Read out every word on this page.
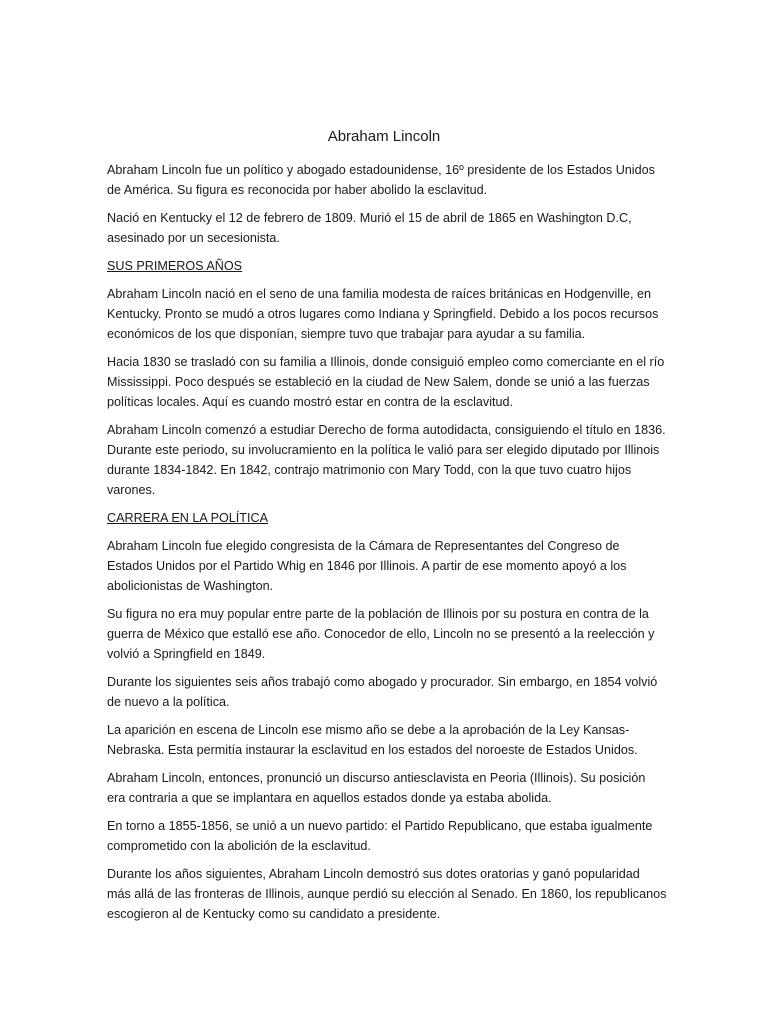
Abraham Lincoln

Abraham Lincoln fue un político y abogado estadounidense, 16º presidente de los Estados Unidos de América. Su figura es reconocida por haber abolido la esclavitud.

Nació en Kentucky el 12 de febrero de 1809. Murió el 15 de abril de 1865 en Washington D.C, asesinado por un secesionista.

SUS PRIMEROS AÑOS

Abraham Lincoln nació en el seno de una familia modesta de raíces británicas en Hodgenville, en Kentucky. Pronto se mudó a otros lugares como Indiana y Springfield. Debido a los pocos recursos económicos de los que disponían, siempre tuvo que trabajar para ayudar a su familia.

Hacia 1830 se trasladó con su familia a Illinois, donde consiguió empleo como comerciante en el río Mississippi. Poco después se estableció en la ciudad de New Salem, donde se unió a las fuerzas políticas locales. Aquí es cuando mostró estar en contra de la esclavitud.

Abraham Lincoln comenzó a estudiar Derecho de forma autodidacta, consiguiendo el título en 1836. Durante este periodo, su involucramiento en la política le valió para ser elegido diputado por Illinois durante 1834-1842. En 1842, contrajo matrimonio con Mary Todd, con la que tuvo cuatro hijos varones.

CARRERA EN LA POLÍTICA

Abraham Lincoln fue elegido congresista de la Cámara de Representantes del Congreso de Estados Unidos por el Partido Whig en 1846 por Illinois. A partir de ese momento apoyó a los abolicionistas de Washington.

Su figura no era muy popular entre parte de la población de Illinois por su postura en contra de la guerra de México que estalló ese año. Conocedor de ello, Lincoln no se presentó a la reelección y volvió a Springfield en 1849.

Durante los siguientes seis años trabajó como abogado y procurador. Sin embargo, en 1854 volvió de nuevo a la política.

La aparición en escena de Lincoln ese mismo año se debe a la aprobación de la Ley Kansas-Nebraska. Esta permitía instaurar la esclavitud en los estados del noroeste de Estados Unidos.

Abraham Lincoln, entonces, pronunció un discurso antiesclavista en Peoria (Illinois). Su posición era contraria a que se implantara en aquellos estados donde ya estaba abolida.

En torno a 1855-1856, se unió a un nuevo partido: el Partido Republicano, que estaba igualmente comprometido con la abolición de la esclavitud.

Durante los años siguientes, Abraham Lincoln demostró sus dotes oratorias y ganó popularidad más allá de las fronteras de Illinois, aunque perdió su elección al Senado. En 1860, los republicanos escogieron al de Kentucky como su candidato a presidente.
